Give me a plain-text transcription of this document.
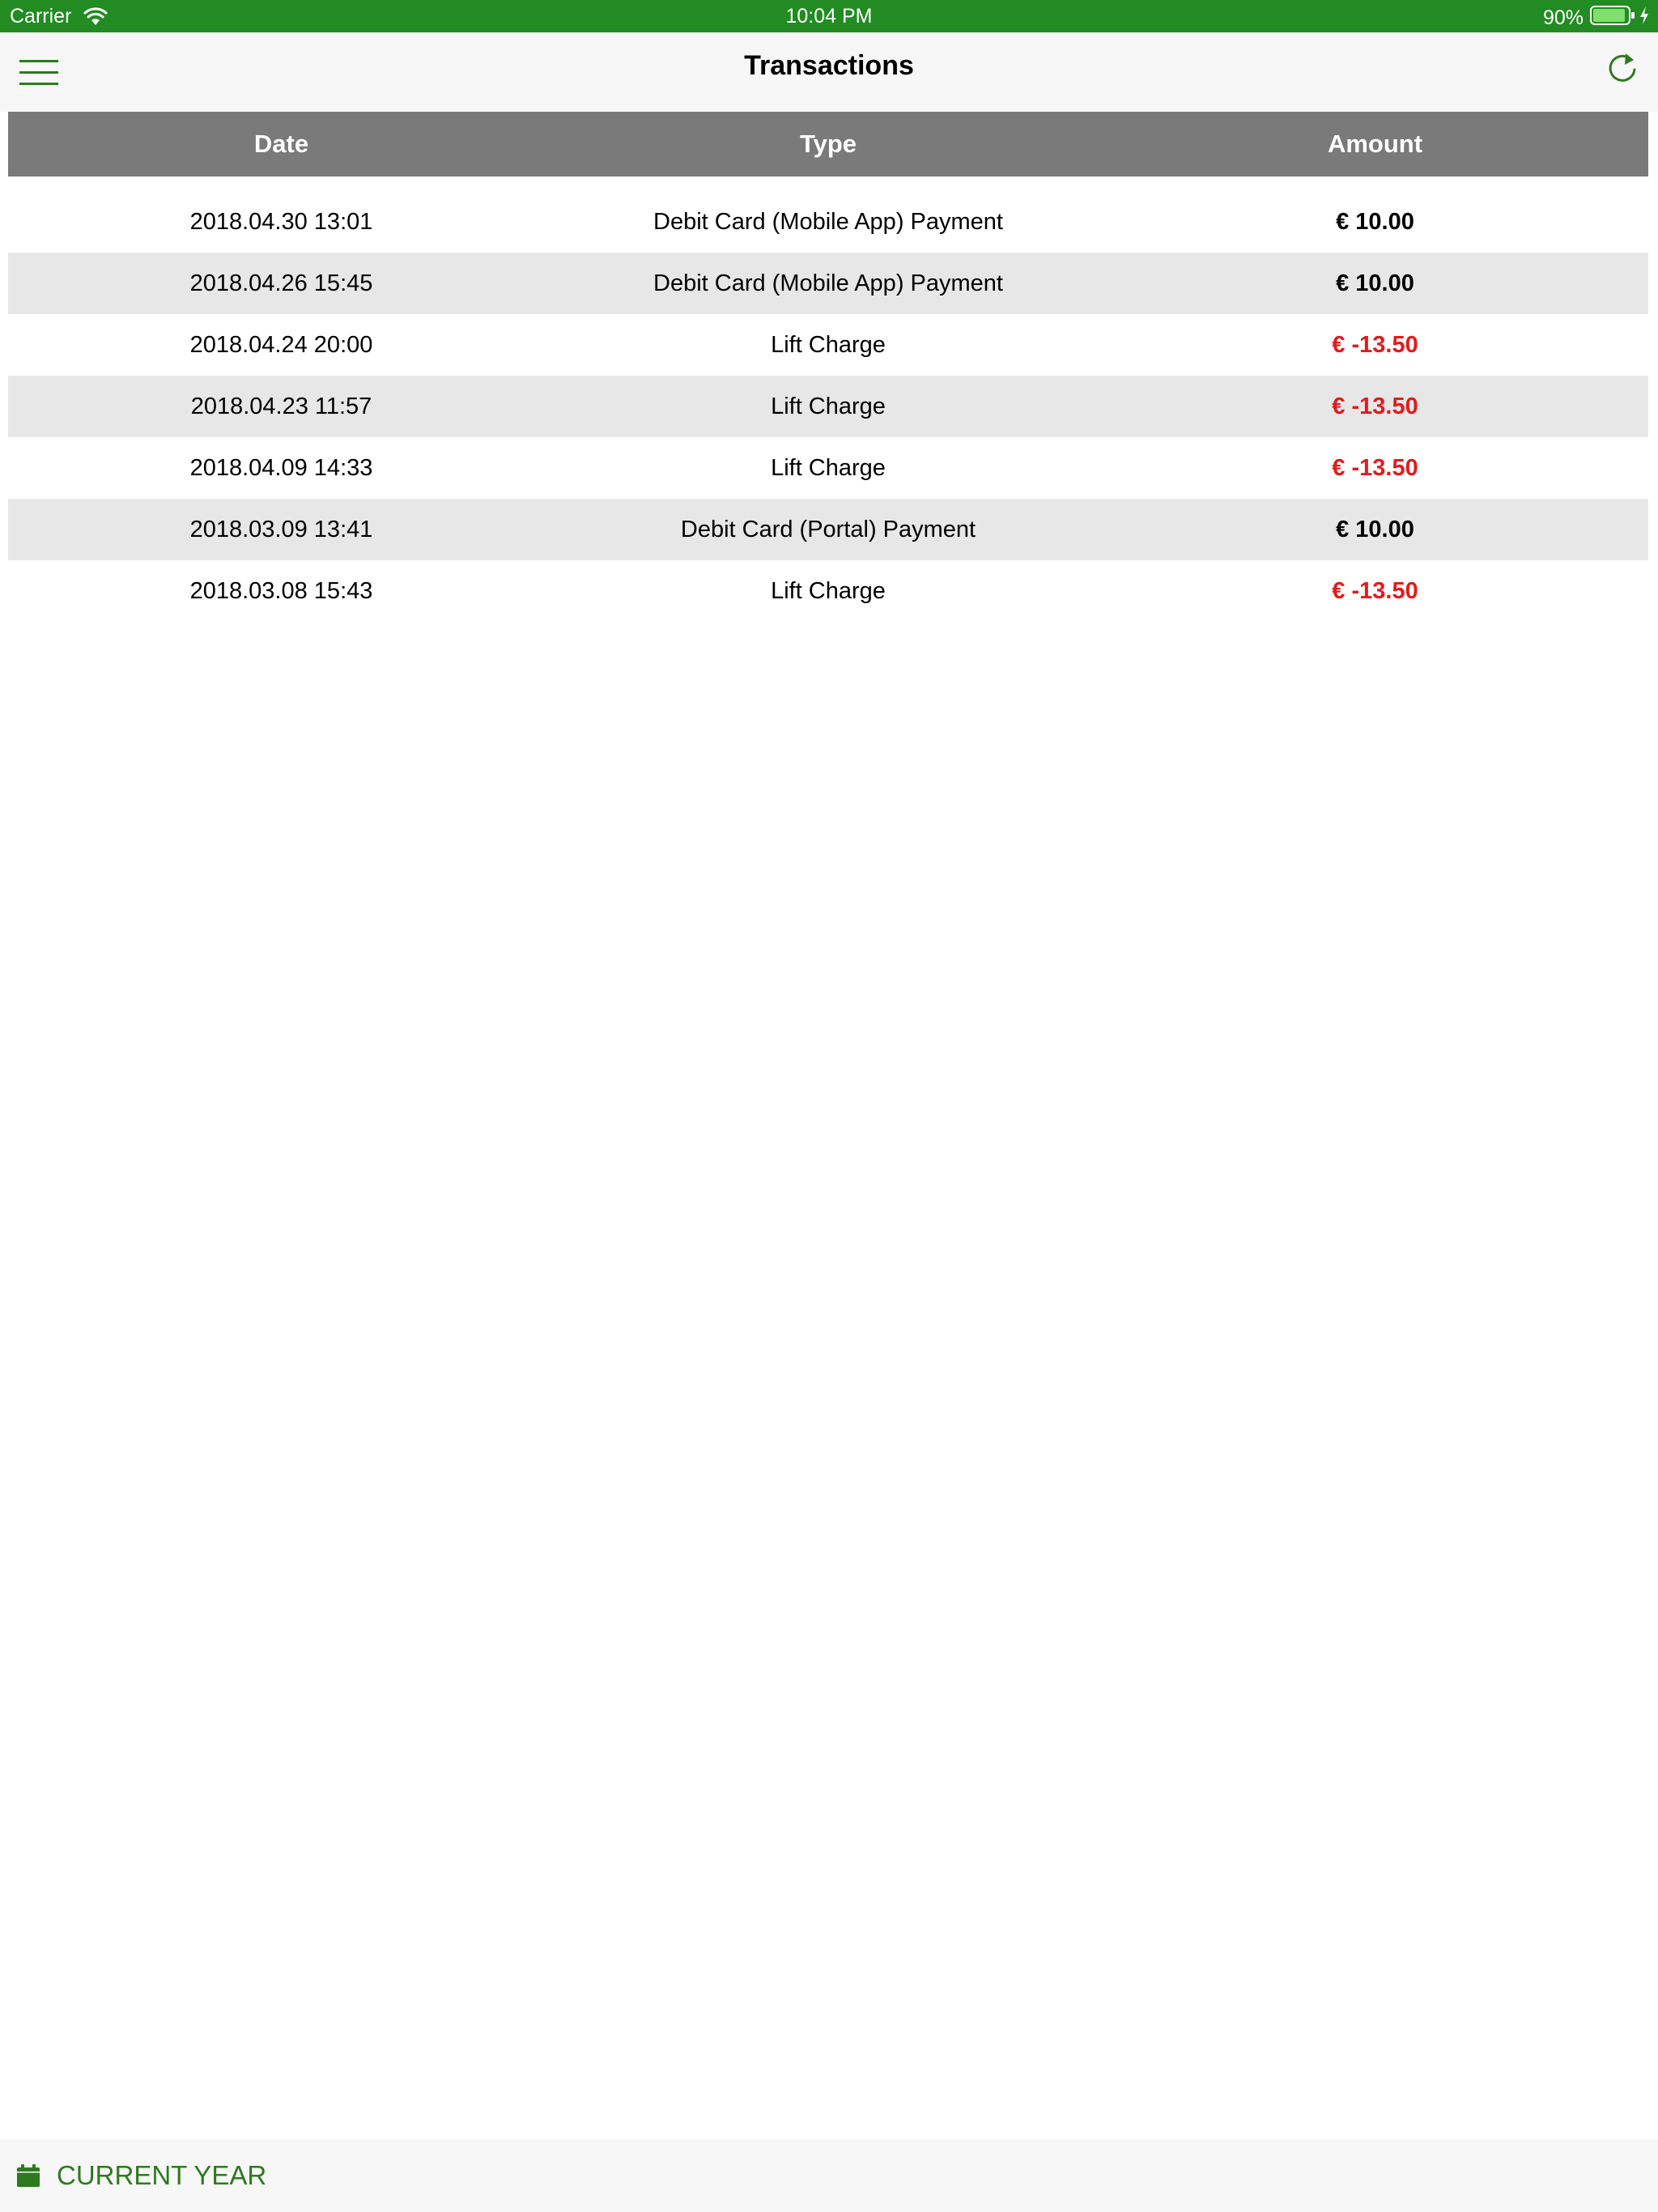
Carrier	10:04 PM	90%
Transactions
Date	Type	Amount
2018.04.30 13:01	Debit Card (Mobile App) Payment	€ 10.00
2018.04.26 15:45	Debit Card (Mobile App) Payment	€ 10.00
2018.04.24 20:00	Lift Charge	€ -13.50
2018.04.23 11:57	Lift Charge	€ -13.50
2018.04.09 14:33	Lift Charge	€ -13.50
2018.03.09 13:41	Debit Card (Portal) Payment	€ 10.00
2018.03.08 15:43	Lift Charge	€ -13.50
CURRENT YEAR
